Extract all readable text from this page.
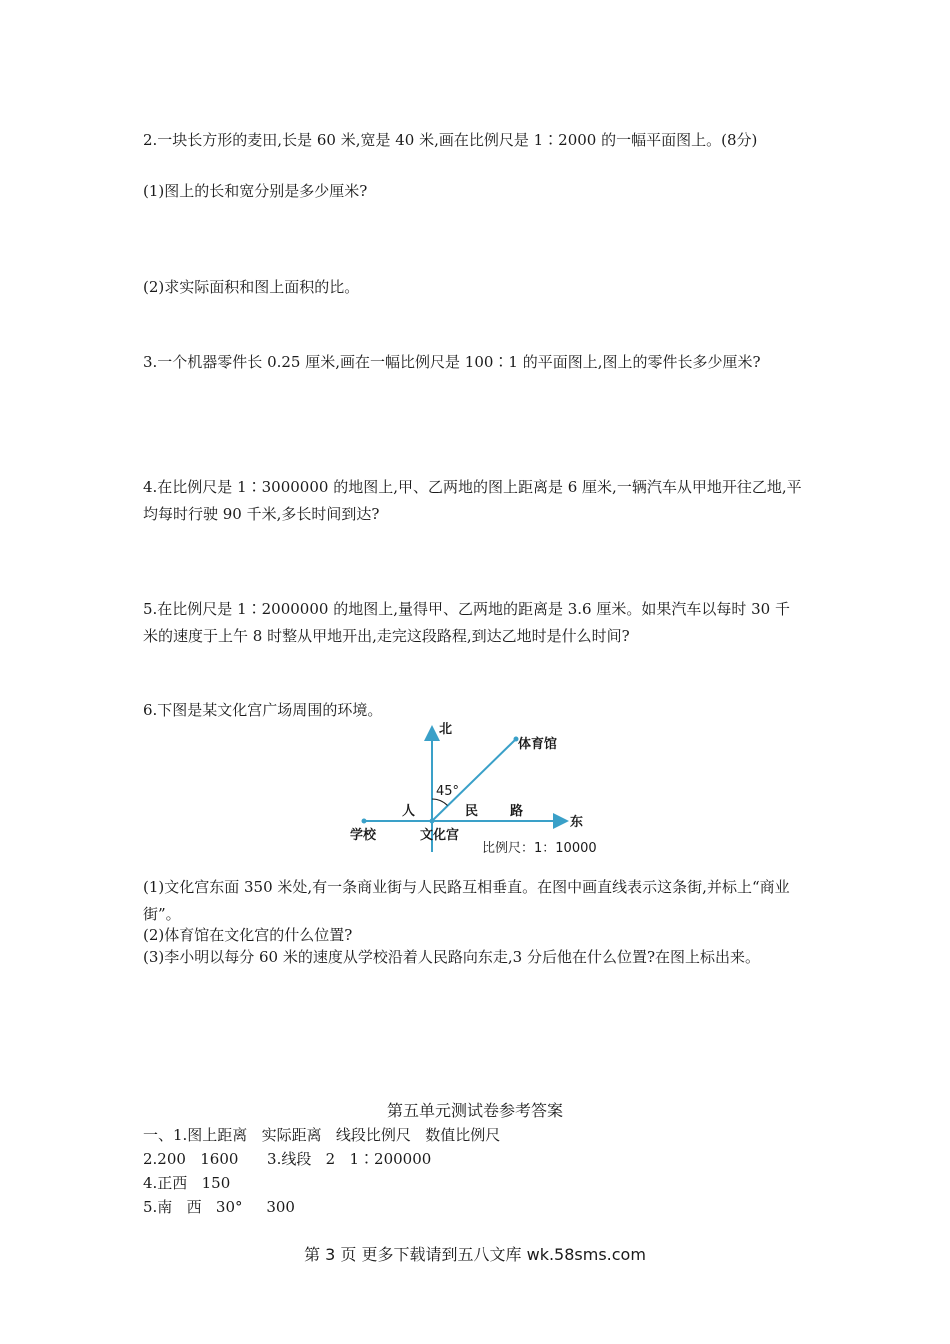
2.一块长方形的麦田,长是 60 米,宽是 40 米,画在比例尺是 1∶2000 的一幅平面图上。(8分)
(1)图上的长和宽分别是多少厘米?
(2)求实际面积和图上面积的比。
3.一个机器零件长 0.25 厘米,画在一幅比例尺是 100∶1 的平面图上,图上的零件长多少厘米?
4.在比例尺是 1∶3000000 的地图上,甲、乙两地的图上距离是 6 厘米,一辆汽车从甲地开往乙地,平均每时行驶 90 千米,多长时间到达?
5.在比例尺是 1∶2000000 的地图上,量得甲、乙两地的距离是 3.6 厘米。如果汽车以每时 30 千米的速度于上午 8 时整从甲地开出,走完这段路程,到达乙地时是什么时间?
6.下图是某文化宫广场周围的环境。
北
体育馆
45°
人	民 路
东
学校	文化宫
比例尺：1：10000
(1)文化宫东面 350 米处,有一条商业街与人民路互相垂直。在图中画直线表示这条街,并标上“商业街”。
(2)体育馆在文化宫的什么位置?
(3)李小明以每分 60 米的速度从学校沿着人民路向东走,3 分后他在什么位置?在图上标出来。
第五单元测试卷参考答案
一、1.图上距离   实际距离   线段比例尺   数值比例尺
2.200   1600      3.线段   2   1∶200000
4.正西   150
5.南   西   30°     300
第 3 页 更多下载请到五八文库 wk.58sms.com
